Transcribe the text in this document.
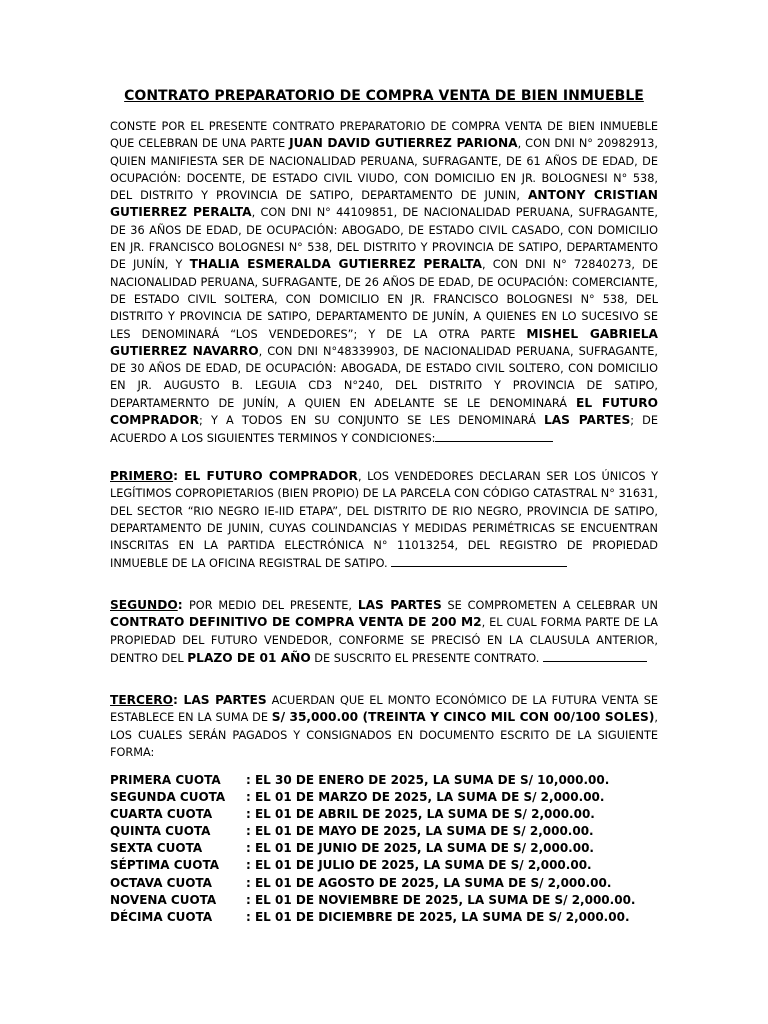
CONTRATO PREPARATORIO DE COMPRA VENTA DE BIEN INMUEBLE

CONSTE POR EL PRESENTE CONTRATO PREPARATORIO DE COMPRA VENTA DE BIEN INMUEBLE QUE CELEBRAN DE UNA PARTE JUAN DAVID GUTIERREZ PARIONA, CON DNI N° 20982913, QUIEN MANIFIESTA SER DE NACIONALIDAD PERUANA, SUFRAGANTE, DE 61 AÑOS DE EDAD, DE OCUPACIÓN: DOCENTE, DE ESTADO CIVIL VIUDO, CON DOMICILIO EN JR. BOLOGNESI N° 538, DEL DISTRITO Y PROVINCIA DE SATIPO, DEPARTAMENTO DE JUNIN, ANTONY CRISTIAN GUTIERREZ PERALTA, CON DNI N° 44109851, DE NACIONALIDAD PERUANA, SUFRAGANTE, DE 36 AÑOS DE EDAD, DE OCUPACIÓN: ABOGADO, DE ESTADO CIVIL CASADO, CON DOMICILIO EN JR. FRANCISCO BOLOGNESI N° 538, DEL DISTRITO Y PROVINCIA DE SATIPO, DEPARTAMENTO DE JUNÍN, Y THALIA ESMERALDA GUTIERREZ PERALTA, CON DNI N° 72840273, DE NACIONALIDAD PERUANA, SUFRAGANTE, DE 26 AÑOS DE EDAD, DE OCUPACIÓN: COMERCIANTE, DE ESTADO CIVIL SOLTERA, CON DOMICILIO EN JR. FRANCISCO BOLOGNESI N° 538, DEL DISTRITO Y PROVINCIA DE SATIPO, DEPARTAMENTO DE JUNÍN, A QUIENES EN LO SUCESIVO SE LES DENOMINARÁ “LOS VENDEDORES”; Y DE LA OTRA PARTE MISHEL GABRIELA GUTIERREZ NAVARRO, CON DNI N°48339903, DE NACIONALIDAD PERUANA, SUFRAGANTE, DE 30 AÑOS DE EDAD, DE OCUPACIÓN: ABOGADA, DE ESTADO CIVIL SOLTERO, CON DOMICILIO EN JR. AUGUSTO B. LEGUIA CD3 N°240, DEL DISTRITO Y PROVINCIA DE SATIPO, DEPARTAMERNTO DE JUNÍN, A QUIEN EN ADELANTE SE LE DENOMINARÁ EL FUTURO COMPRADOR; Y A TODOS EN SU CONJUNTO SE LES DENOMINARÁ LAS PARTES; DE ACUERDO A LOS SIGUIENTES TERMINOS Y CONDICIONES:

PRIMERO: EL FUTURO COMPRADOR, LOS VENDEDORES DECLARAN SER LOS ÚNICOS Y LEGÍTIMOS COPROPIETARIOS (BIEN PROPIO) DE LA PARCELA CON CÓDIGO CATASTRAL N° 31631, DEL SECTOR “RIO NEGRO IE-IID ETAPA”, DEL DISTRITO DE RIO NEGRO, PROVINCIA DE SATIPO, DEPARTAMENTO DE JUNIN, CUYAS COLINDANCIAS Y MEDIDAS PERIMÉTRICAS SE ENCUENTRAN INSCRITAS EN LA PARTIDA ELECTRÓNICA N° 11013254, DEL REGISTRO DE PROPIEDAD INMUEBLE DE LA OFICINA REGISTRAL DE SATIPO.

SEGUNDO: POR MEDIO DEL PRESENTE, LAS PARTES SE COMPROMETEN A CELEBRAR UN CONTRATO DEFINITIVO DE COMPRA VENTA DE 200 M2, EL CUAL FORMA PARTE DE LA PROPIEDAD DEL FUTURO VENDEDOR, CONFORME SE PRECISÓ EN LA CLAUSULA ANTERIOR, DENTRO DEL PLAZO DE 01 AÑO DE SUSCRITO EL PRESENTE CONTRATO.

TERCERO: LAS PARTES ACUERDAN QUE EL MONTO ECONÓMICO DE LA FUTURA VENTA SE ESTABLECE EN LA SUMA DE S/ 35,000.00 (TREINTA Y CINCO MIL CON 00/100 SOLES), LOS CUALES SERÁN PAGADOS Y CONSIGNADOS EN DOCUMENTO ESCRITO DE LA SIGUIENTE FORMA:

PRIMERA CUOTA	: EL 30 DE ENERO DE 2025, LA SUMA DE S/ 10,000.00.
SEGUNDA CUOTA	: EL 01 DE MARZO DE 2025, LA SUMA DE S/ 2,000.00.
CUARTA CUOTA	: EL 01 DE ABRIL DE 2025, LA SUMA DE S/ 2,000.00.
QUINTA CUOTA	: EL 01 DE MAYO DE 2025, LA SUMA DE S/ 2,000.00.
SEXTA CUOTA	: EL 01 DE JUNIO DE 2025, LA SUMA DE S/ 2,000.00.
SÉPTIMA CUOTA	: EL 01 DE JULIO DE 2025, LA SUMA DE S/ 2,000.00.
OCTAVA CUOTA	: EL 01 DE AGOSTO DE 2025, LA SUMA DE S/ 2,000.00.
NOVENA CUOTA	: EL 01 DE NOVIEMBRE DE 2025, LA SUMA DE S/ 2,000.00.
DÉCIMA CUOTA	: EL 01 DE DICIEMBRE DE 2025, LA SUMA DE S/ 2,000.00.
